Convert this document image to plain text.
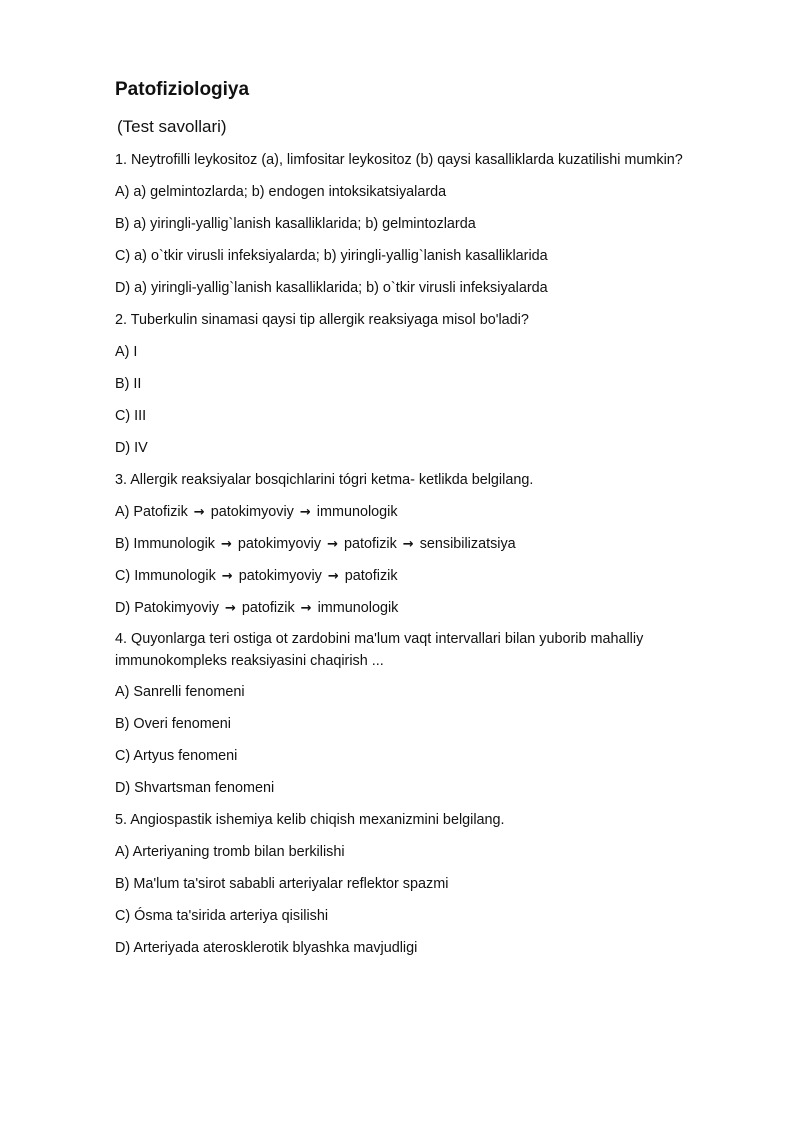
Patofiziologiya
(Test savollari)
1. Neytrofilli leykositoz (a), limfositar leykositoz (b) qaysi kasalliklarda kuzatilishi mumkin?
A) a) gelmintozlarda; b) endogen intoksikatsiyalarda
B) a) yiringli-yallig`lanish kasalliklarida; b) gelmintozlarda
C) a) o`tkir virusli infeksiyalarda; b) yiringli-yallig`lanish kasalliklarida
D) a) yiringli-yallig`lanish kasalliklarida; b) o`tkir virusli infeksiyalarda
2. Tuberkulin sinamasi qaysi tip allergik reaksiyaga misol bo'ladi?
A) I
B) II
C) III
D) IV
3. Allergik reaksiyalar bosqichlarini tógri ketma- ketlikda belgilang.
A) Patofizik → patokimyoviy → immunologik
B) Immunologik → patokimyoviy → patofizik → sensibilizatsiya
C) Immunologik → patokimyoviy → patofizik
D) Patokimyoviy → patofizik → immunologik
4. Quyonlarga teri ostiga ot zardobini ma'lum vaqt intervallari bilan yuborib mahalliy immunokompleks reaksiyasini chaqirish ...
A) Sanrelli fenomeni
B) Overi fenomeni
C) Artyus fenomeni
D) Shvartsman fenomeni
5. Angiospastik ishemiya kelib chiqish mexanizmini belgilang.
A) Arteriyaning tromb bilan berkilishi
B) Ma'lum ta'sirot sababli arteriyalar reflektor spazmi
C) Ósma ta'sirida arteriya qisilishi
D) Arteriyada aterosklerotik blyashka mavjudligi
